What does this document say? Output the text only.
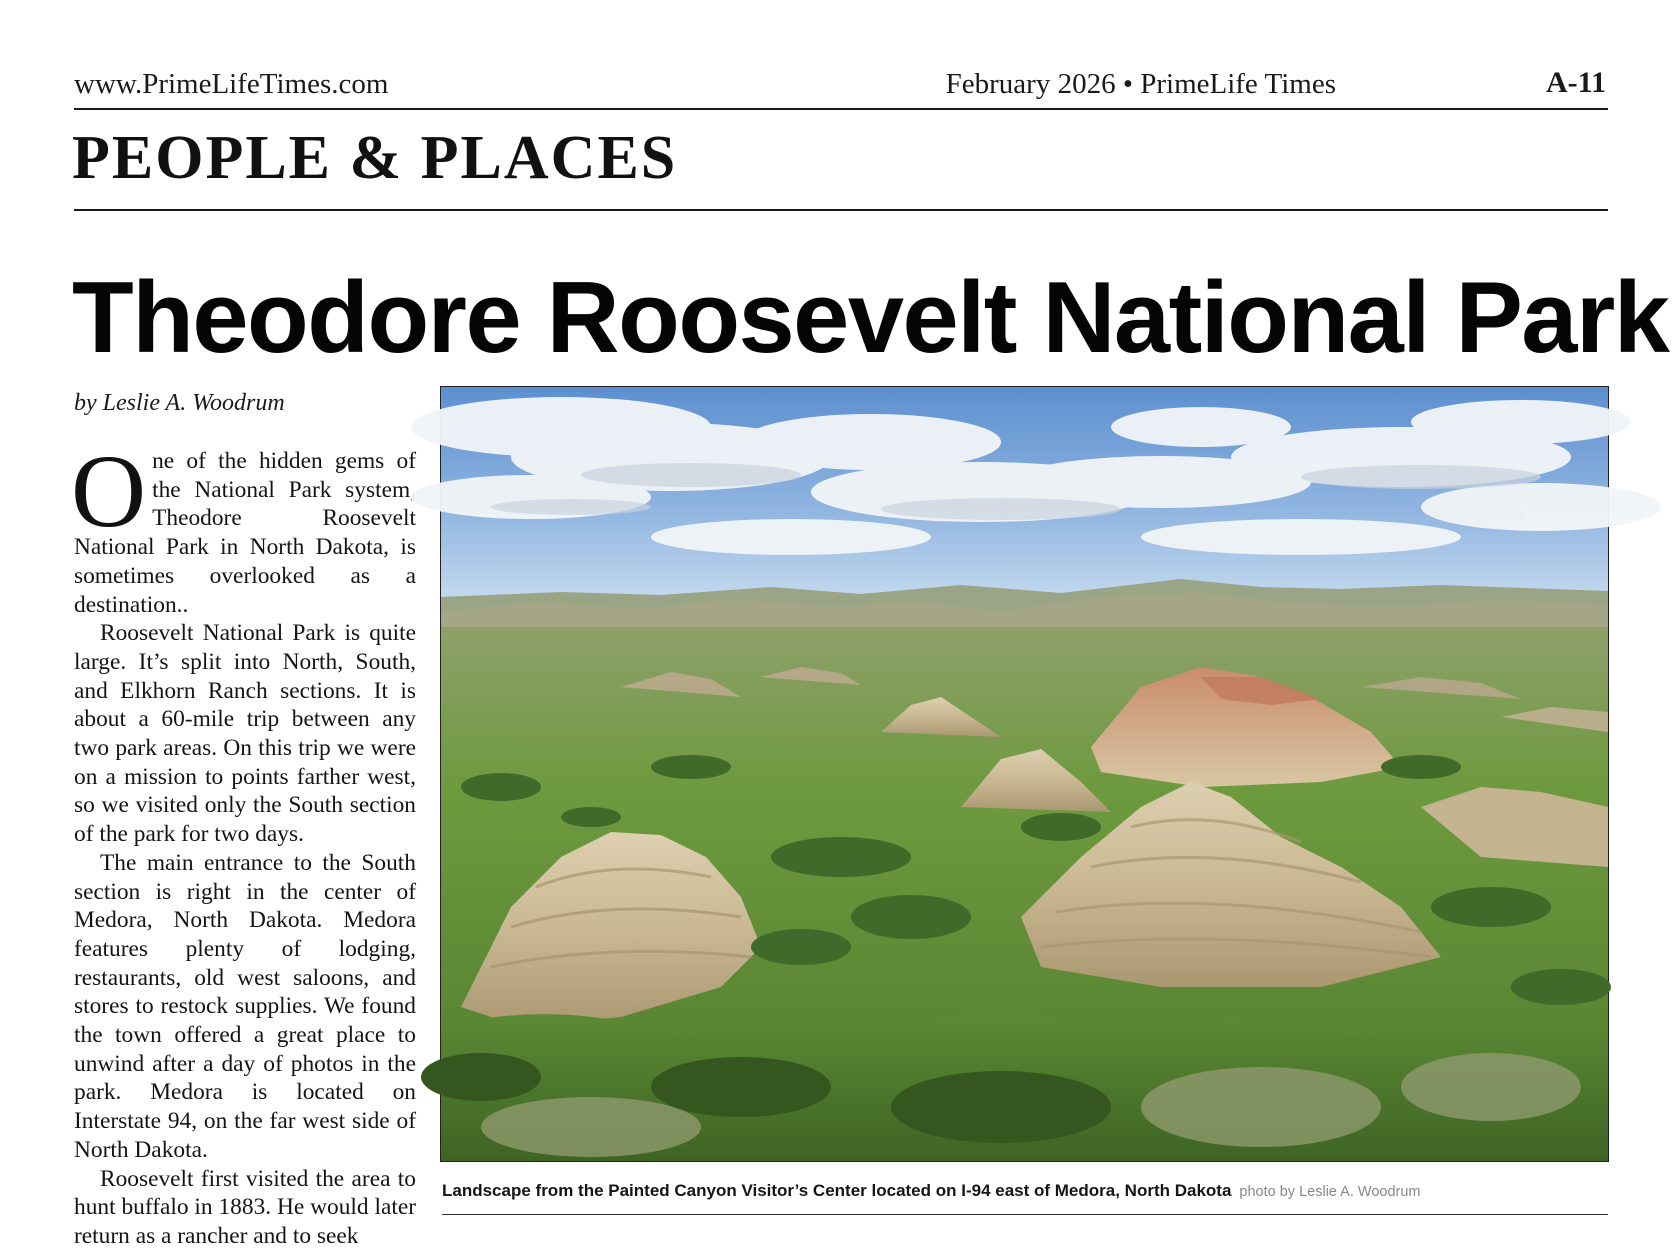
www.PrimeLifeTimes.com	February 2026 • PrimeLife Times	A-11
PEOPLE & PLACES
Theodore Roosevelt National Park
by Leslie A. Woodrum

One of the hidden gems of the National Park system, Theodore Roosevelt National Park in North Dakota, is sometimes overlooked as a destination..

Roosevelt National Park is quite large. It’s split into North, South, and Elkhorn Ranch sections. It is about a 60-mile trip between any two park areas. On this trip we were on a mission to points farther west, so we visited only the South section of the park for two days.

The main entrance to the South section is right in the center of Medora, North Dakota. Medora features plenty of lodging, restaurants, old west saloons, and stores to restock supplies. We found the town offered a great place to unwind after a day of photos in the park. Medora is located on Interstate 94, on the far west side of North Dakota.

Roosevelt first visited the area to hunt buffalo in 1883. He would later return as a rancher and to seek

Landscape from the Painted Canyon Visitor’s Center located on I-94 east of Medora, North Dakota photo by Leslie A. Woodrum
